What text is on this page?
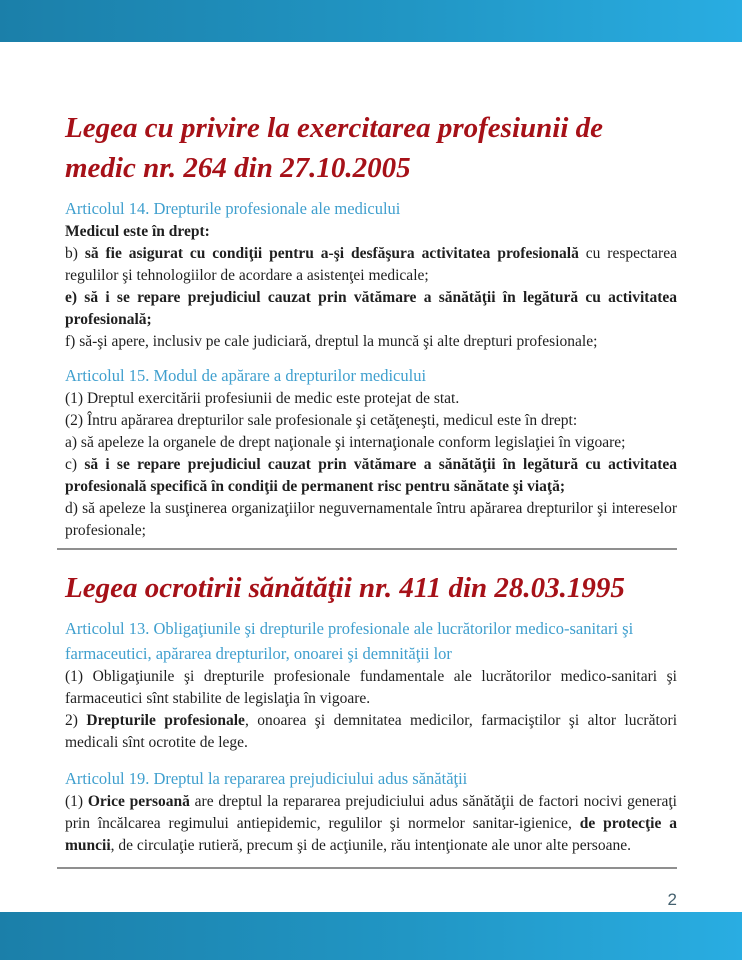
Legea cu privire la exercitarea profesiunii de medic nr. 264 din 27.10.2005
Articolul 14. Drepturile profesionale ale medicului

Medicul este în drept:

b) să fie asigurat cu condiţii pentru a-şi desfăşura activitatea profesională cu respectarea regulilor şi tehnologiilor de acordare a asistenţei medicale;

e) să i se repare prejudiciul cauzat prin vătămare a sănătăţii în legătură cu activitatea profesională;

f) să-şi apere, inclusiv pe cale judiciară, dreptul la muncă şi alte drepturi profesionale;

Articolul 15. Modul de apărare a drepturilor medicului

(1) Dreptul exercitării profesiunii de medic este protejat de stat.

(2) Întru apărarea drepturilor sale profesionale şi cetăţeneşti, medicul este în drept:

a) să apeleze la organele de drept naţionale şi internaţionale conform legislaţiei în vigoare;

c) să i se repare prejudiciul cauzat prin vătămare a sănătăţii în legătură cu activitatea profesională specifică în condiţii de permanent risc pentru sănătate şi viaţă;

d) să apeleze la susţinerea organizaţiilor neguvernamentale întru apărarea drepturilor şi intereselor profesionale;

Legea ocrotirii sănătăţii nr. 411 din 28.03.1995
Articolul 13. Obligaţiunile şi drepturile profesionale ale lucrătorilor medico-sanitari şi farmaceutici, apărarea drepturilor, onoarei şi demnităţii lor

(1) Obligaţiunile şi drepturile profesionale fundamentale ale lucrătorilor medico-sanitari şi farmaceutici sînt stabilite de legislaţia în vigoare.

2) Drepturile profesionale, onoarea şi demnitatea medicilor, farmaciştilor şi altor lucrători medicali sînt ocrotite de lege.

Articolul 19. Dreptul la repararea prejudiciului adus sănătăţii

(1) Orice persoană are dreptul la repararea prejudiciului adus sănătăţii de factori nocivi generaţi prin încălcarea regimului antiepidemic, regulilor şi normelor sanitar-igienice, de protecţie a muncii, de circulaţie rutieră, precum şi de acţiunile, rău intenţionate ale unor alte persoane.

2
